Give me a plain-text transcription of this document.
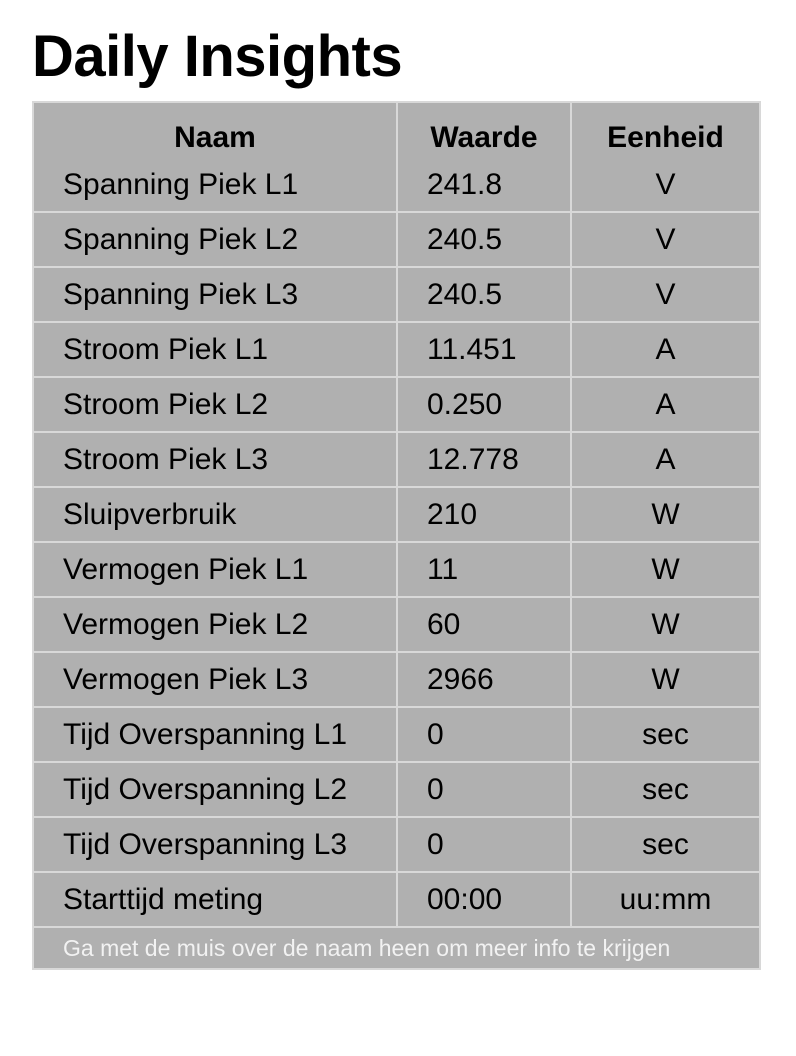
Daily Insights
Naam	Waarde	Eenheid
Spanning Piek L1	241.8	V
Spanning Piek L2	240.5	V
Spanning Piek L3	240.5	V
Stroom Piek L1	11.451	A
Stroom Piek L2	0.250	A
Stroom Piek L3	12.778	A
Sluipverbruik	210	W
Vermogen Piek L1	11	W
Vermogen Piek L2	60	W
Vermogen Piek L3	2966	W
Tijd Overspanning L1	0	sec
Tijd Overspanning L2	0	sec
Tijd Overspanning L3	0	sec
Starttijd meting	00:00	uu:mm
Ga met de muis over de naam heen om meer info te krijgen		
